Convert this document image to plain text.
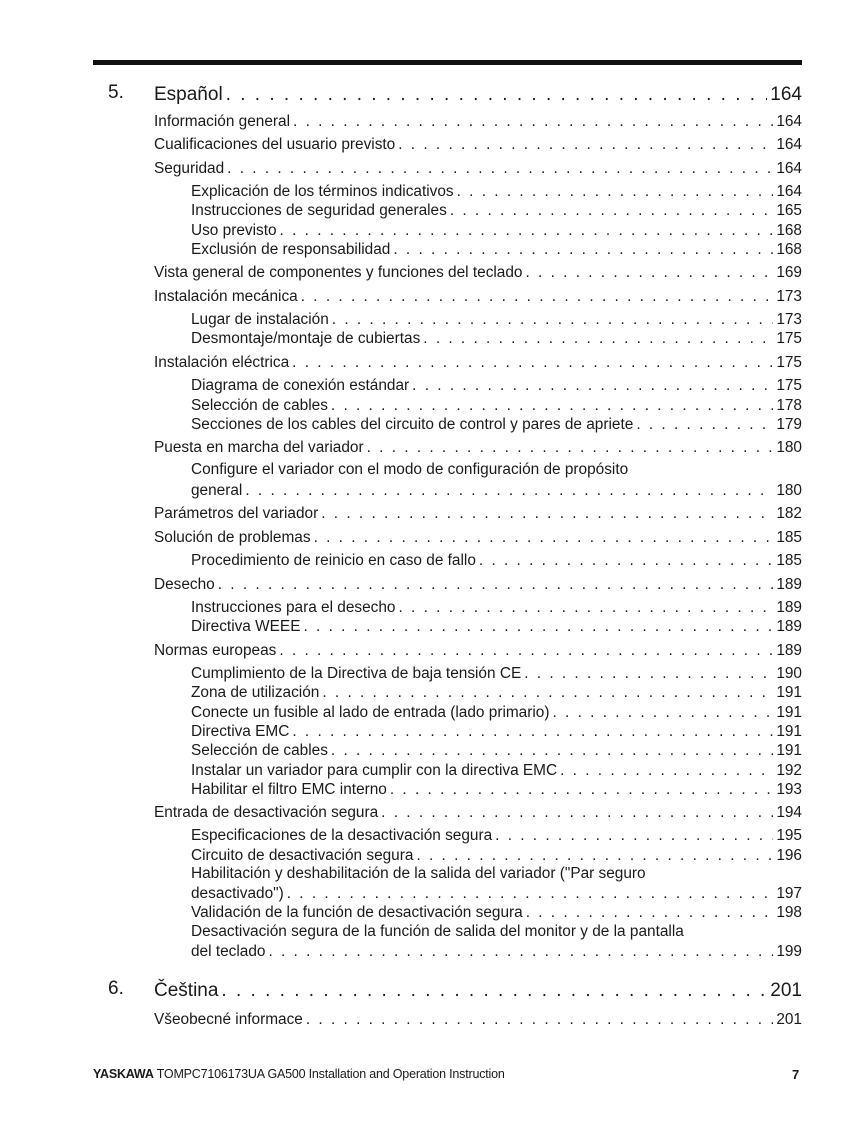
5. Español . . .	164
Información general . . .	164
Cualificaciones del usuario previsto . . .	164
Seguridad . . .	164
Explicación de los términos indicativos . . .	164
Instrucciones de seguridad generales . . .	165
Uso previsto . . .	168
Exclusión de responsabilidad . . .	168
Vista general de componentes y funciones del teclado . . .	169
Instalación mecánica . . .	173
Lugar de instalación . . .	173
Desmontaje/montaje de cubiertas . . .	175
Instalación eléctrica . . .	175
Diagrama de conexión estándar . . .	175
Selección de cables . . .	178
Secciones de los cables del circuito de control y pares de apriete . . .	179
Puesta en marcha del variador . . .	180
Configure el variador con el modo de configuración de propósito
general . . .	180
Parámetros del variador . . .	182
Solución de problemas . . .	185
Procedimiento de reinicio en caso de fallo . . .	185
Desecho . . .	189
Instrucciones para el desecho . . .	189
Directiva WEEE . . .	189
Normas europeas . . .	189
Cumplimiento de la Directiva de baja tensión CE . . .	190
Zona de utilización . . .	191
Conecte un fusible al lado de entrada (lado primario) . . .	191
Directiva EMC . . .	191
Selección de cables . . .	191
Instalar un variador para cumplir con la directiva EMC . . .	192
Habilitar el filtro EMC interno . . .	193
Entrada de desactivación segura . . .	194
Especificaciones de la desactivación segura . . .	195
Circuito de desactivación segura . . .	196
Habilitación y deshabilitación de la salida del variador ("Par seguro
desactivado") . . .	197
Validación de la función de desactivación segura . . .	198
Desactivación segura de la función de salida del monitor y de la pantalla
del teclado . . .	199
6. Čeština . . .	201
Všeobecné informace . . .	201
YASKAWA TOMPC7106173UA GA500 Installation and Operation Instruction	7
